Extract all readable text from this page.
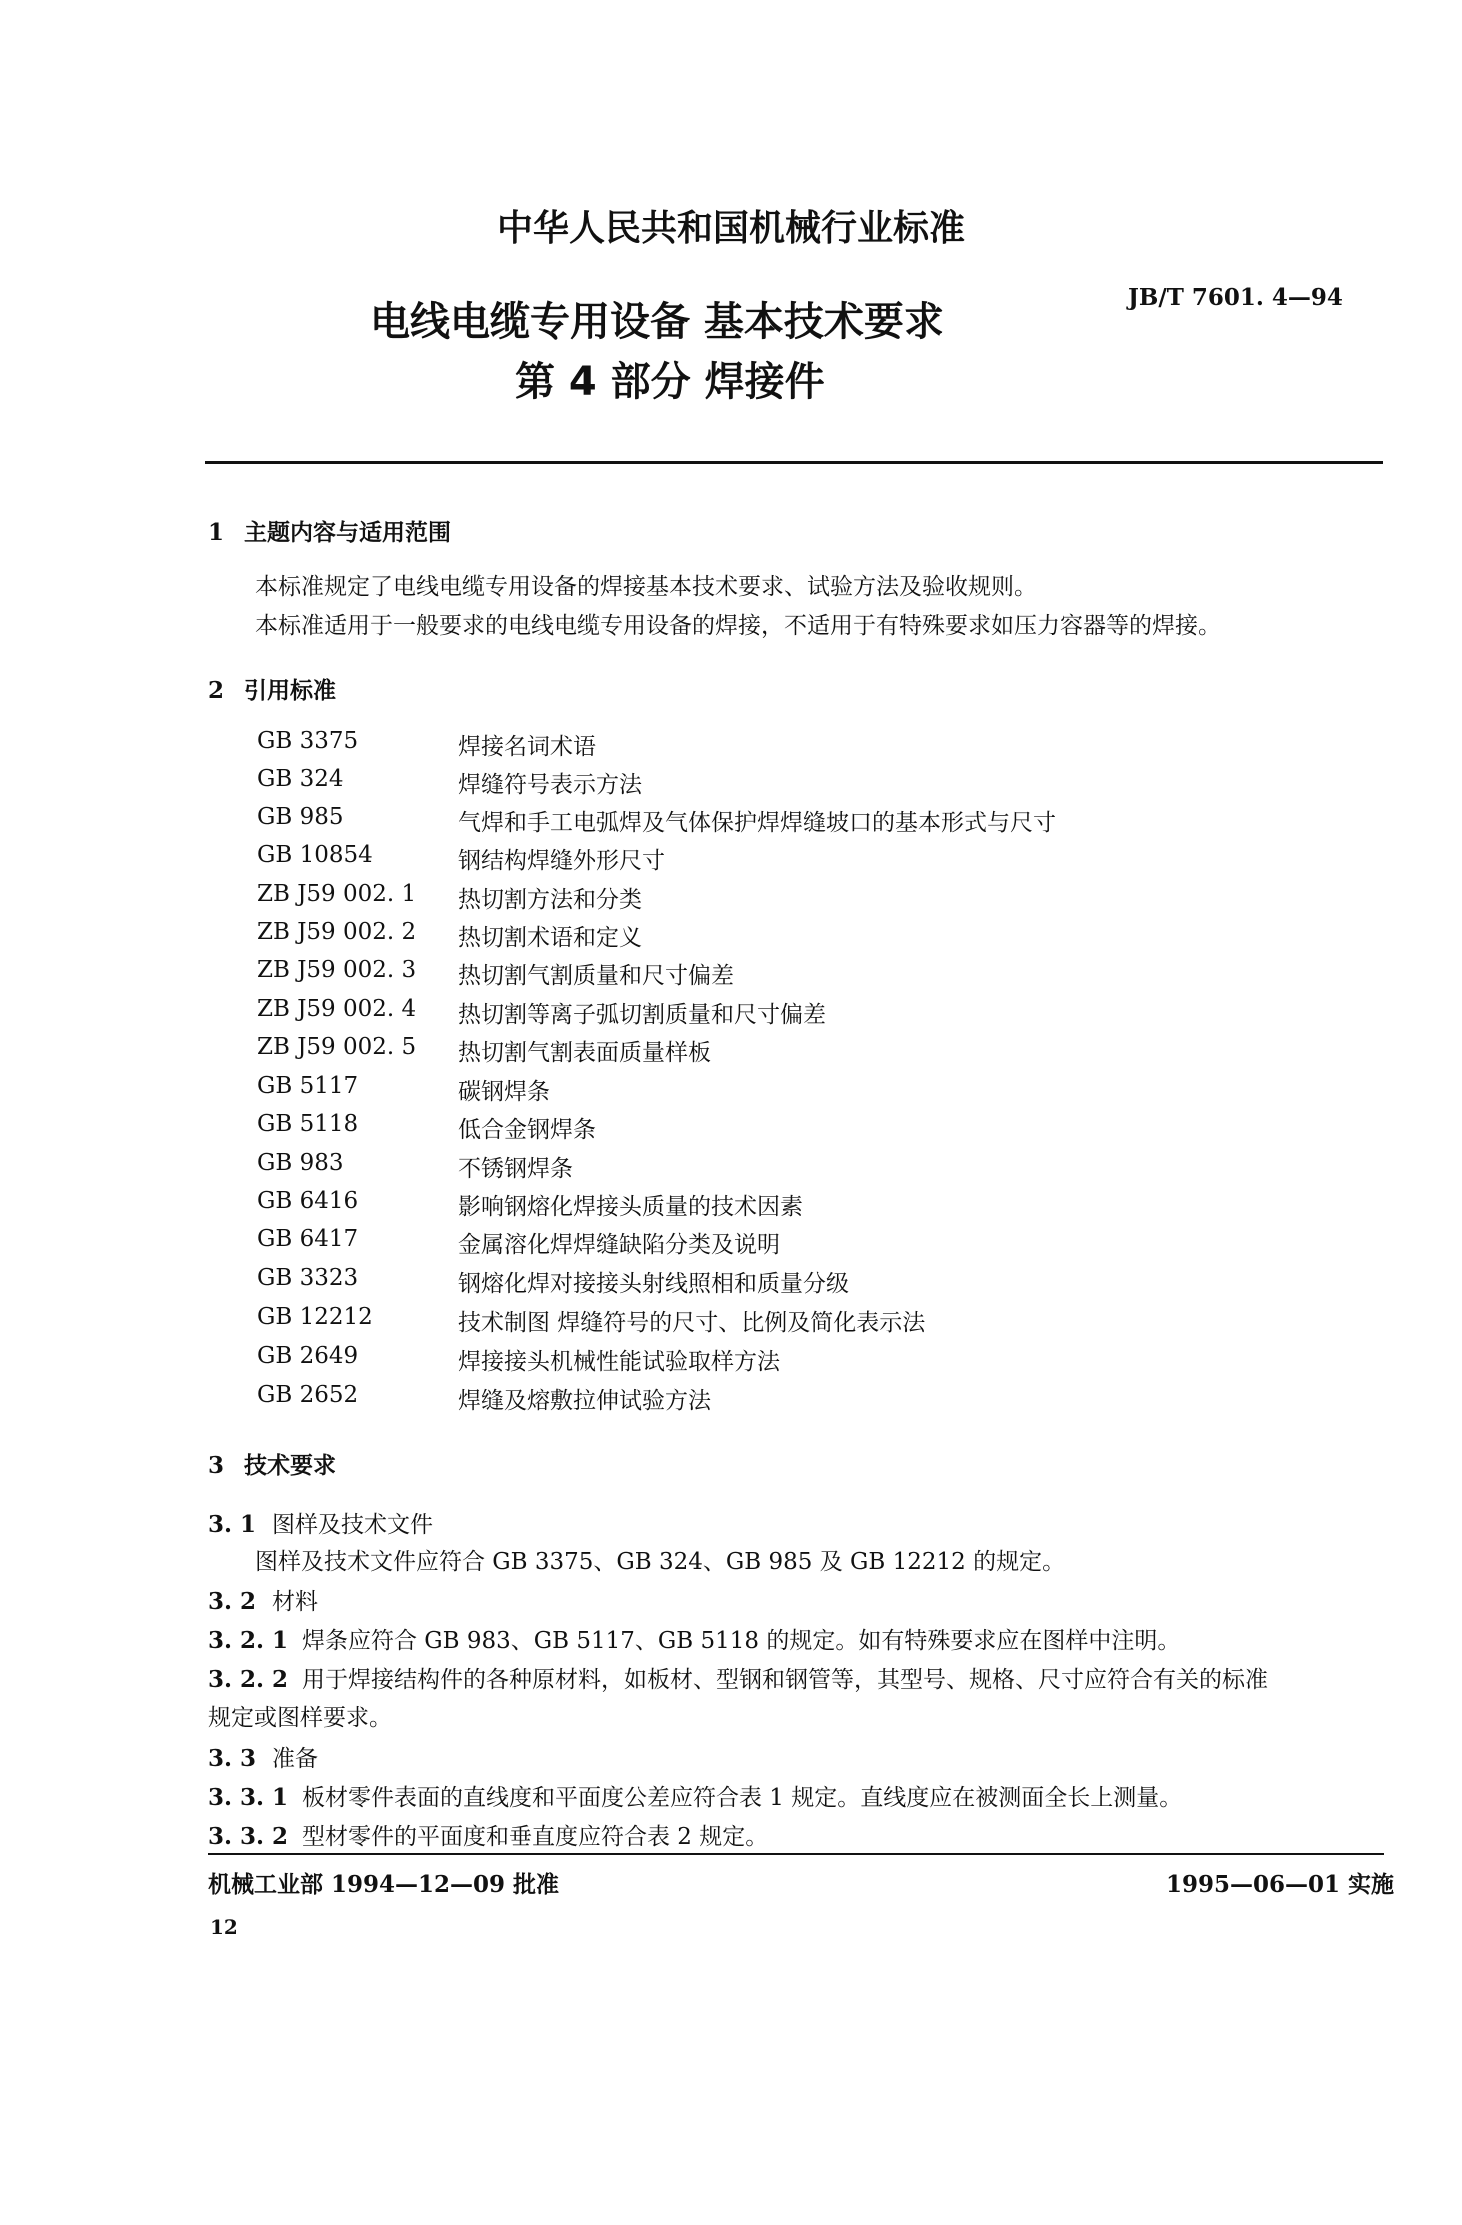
中华人民共和国机械行业标准
电线电缆专用设备 基本技术要求
第 4 部分 焊接件
JB/T 7601. 4—94
1 主题内容与适用范围
本标准规定了电线电缆专用设备的焊接基本技术要求、试验方法及验收规则。
本标准适用于一般要求的电线电缆专用设备的焊接，不适用于有特殊要求如压力容器等的焊接。
2 引用标准
GB 3375	焊接名词术语
GB 324	焊缝符号表示方法
GB 985	气焊和手工电弧焊及气体保护焊焊缝坡口的基本形式与尺寸
GB 10854	钢结构焊缝外形尺寸
ZB J59 002. 1 热切割方法和分类
ZB J59 002. 2 热切割术语和定义
ZB J59 002. 3 热切割气割质量和尺寸偏差
ZB J59 002. 4 热切割等离子弧切割质量和尺寸偏差
ZB J59 002. 5 热切割气割表面质量样板
GB 5117	碳钢焊条
GB 5118	低合金钢焊条
GB 983	不锈钢焊条
GB 6416	影响钢熔化焊接头质量的技术因素
GB 6417	金属溶化焊焊缝缺陷分类及说明
GB 3323	钢熔化焊对接接头射线照相和质量分级
GB 12212	技术制图 焊缝符号的尺寸、比例及简化表示法
GB 2649	焊接接头机械性能试验取样方法
GB 2652	焊缝及熔敷拉伸试验方法
3 技术要求
3. 1 图样及技术文件
图样及技术文件应符合 GB 3375、GB 324、GB 985 及 GB 12212 的规定。
3. 2 材料
3. 2. 1 焊条应符合 GB 983、GB 5117、GB 5118 的规定。如有特殊要求应在图样中注明。
3. 2. 2 用于焊接结构件的各种原材料，如板材、型钢和钢管等，其型号、规格、尺寸应符合有关的标准
规定或图样要求。
3. 3 准备
3. 3. 1 板材零件表面的直线度和平面度公差应符合表 1 规定。直线度应在被测面全长上测量。
3. 3. 2 型材零件的平面度和垂直度应符合表 2 规定。
机械工业部 1994—12—09 批准	1995—06—01 实施
12
